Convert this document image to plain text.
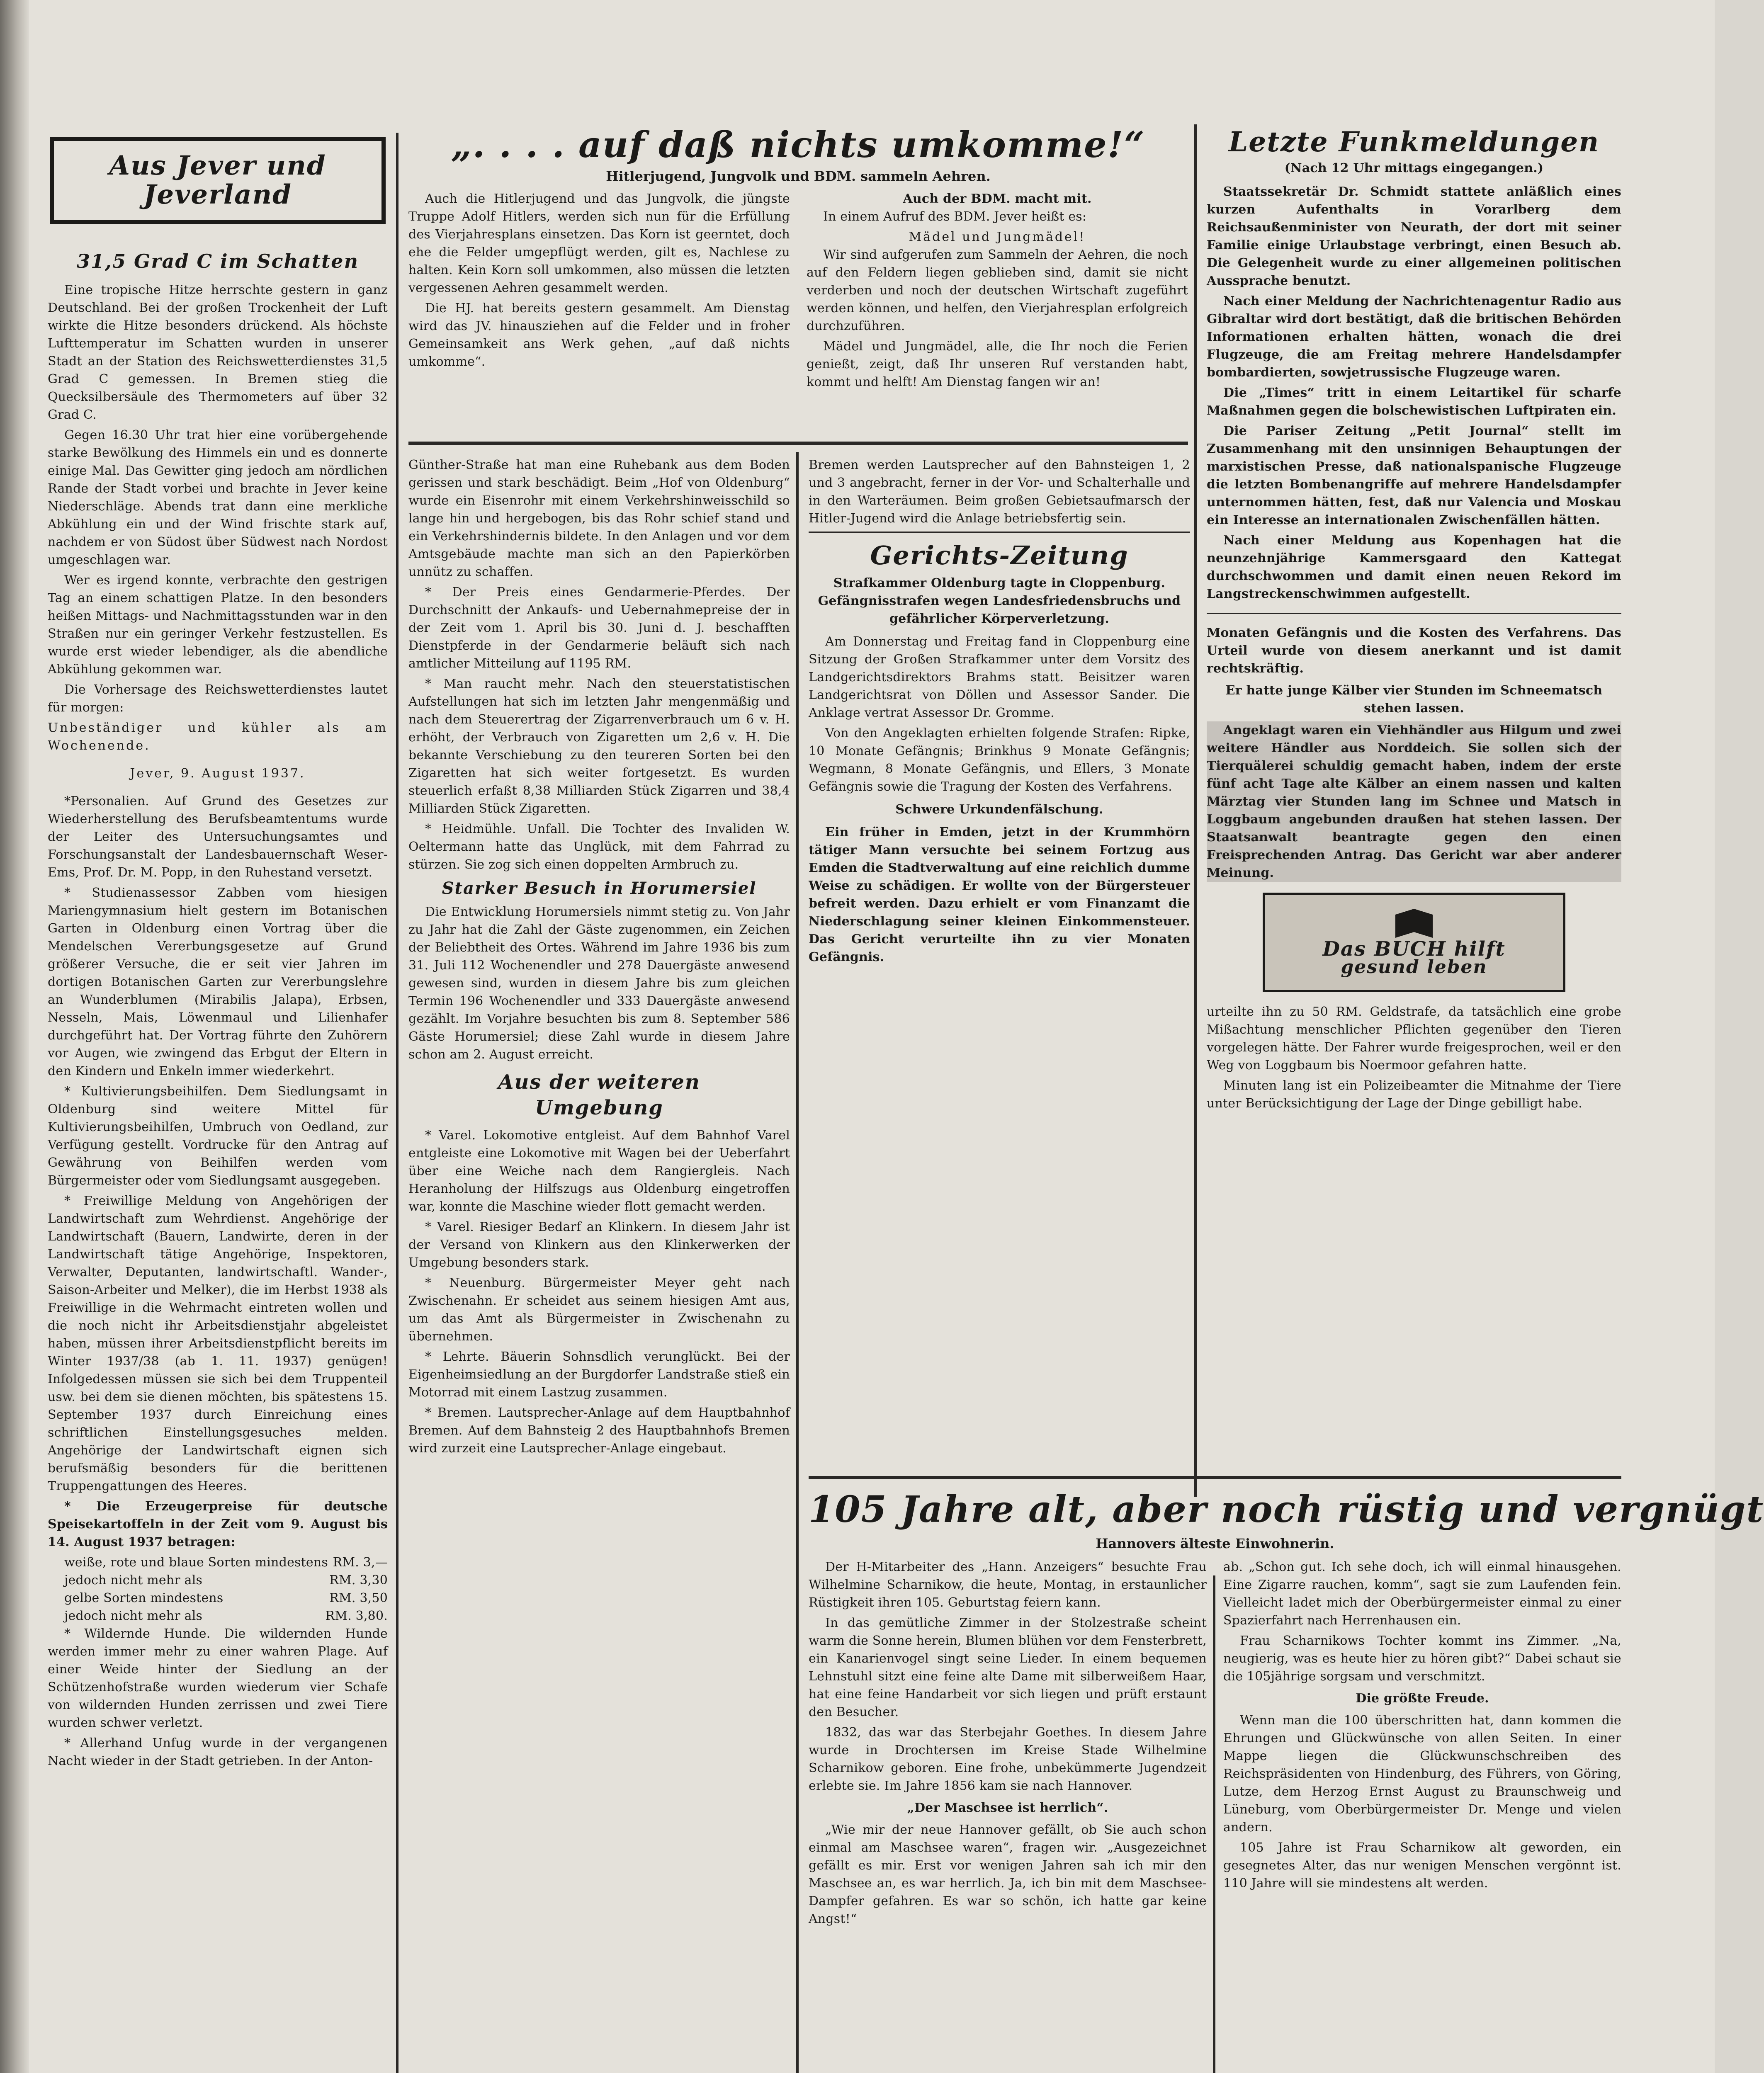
Aus Jever und Jeverland
31,5 Grad C im Schatten

Eine tropische Hitze herrschte gestern in ganz Deutschland. Bei der großen Trockenheit der Luft wirkte die Hitze besonders drückend. Als höchste Lufttemperatur im Schatten wurden in unserer Stadt an der Station des Reichswetterdienstes 31,5 Grad C gemessen. In Bremen stieg die Quecksilbersäule des Thermometers auf über 32 Grad C.

Gegen 16.30 Uhr trat hier eine vorübergehende starke Bewölkung des Himmels ein und es donnerte einige Mal. Das Gewitter ging jedoch am nördlichen Rande der Stadt vorbei und brachte in Jever keine Niederschläge. Abends trat dann eine merkliche Abkühlung ein und der Wind frischte stark auf, nachdem er von Südost über Südwest nach Nordost umgeschlagen war.

Wer es irgend konnte, verbrachte den gestrigen Tag an einem schattigen Platze. In den besonders heißen Mittags- und Nachmittagsstunden war in den Straßen nur ein geringer Verkehr festzustellen. Es wurde erst wieder lebendiger, als die abendliche Abkühlung gekommen war.

Die Vorhersage des Reichswetterdienstes lautet für morgen:

Unbeständiger und kühler als am Wochenende.

Jever, 9. August 1937.

*Personalien. Auf Grund des Gesetzes zur Wiederherstellung des Berufsbeamtentums wurde der Leiter des Untersuchungsamtes und Forschungsanstalt der Landesbauernschaft Weser-Ems, Prof. Dr. M. Popp, in den Ruhestand versetzt.

* Studienassessor Zabben vom hiesigen Mariengymnasium hielt gestern im Botanischen Garten in Oldenburg einen Vortrag über die Mendelschen Vererbungsgesetze auf Grund größerer Versuche, die er seit vier Jahren im dortigen Botanischen Garten zur Vererbungslehre an Wunderblumen (Mirabilis Jalapa), Erbsen, Nesseln, Mais, Löwenmaul und Lilienhafer durchgeführt hat. Der Vortrag führte den Zuhörern vor Augen, wie zwingend das Erbgut der Eltern in den Kindern und Enkeln immer wiederkehrt.

* Kultivierungsbeihilfen. Dem Siedlungsamt in Oldenburg sind weitere Mittel für Kultivierungsbeihilfen, Umbruch von Oedland, zur Verfügung gestellt. Vordrucke für den Antrag auf Gewährung von Beihilfen werden vom Bürgermeister oder vom Siedlungsamt ausgegeben.

* Freiwillige Meldung von Angehörigen der Landwirtschaft zum Wehrdienst. Angehörige der Landwirtschaft (Bauern, Landwirte, deren in der Landwirtschaft tätige Angehörige, Inspektoren, Verwalter, Deputanten, landwirtschaftl. Wander-, Saison-Arbeiter und Melker), die im Herbst 1938 als Freiwillige in die Wehrmacht eintreten wollen und die noch nicht ihr Arbeitsdienstjahr abgeleistet haben, müssen ihrer Arbeitsdienstpflicht bereits im Winter 1937/38 (ab 1. 11. 1937) genügen! Infolgedessen müssen sie sich bei dem Truppenteil usw. bei dem sie dienen möchten, bis spätestens 15. September 1937 durch Einreichung eines schriftlichen Einstellungsgesuches melden. Angehörige der Landwirtschaft eignen sich berufsmäßig besonders für die berittenen Truppengattungen des Heeres.

* Die Erzeugerpreise für deutsche Speisekartoffeln in der Zeit vom 9. August bis 14. August 1937 betragen:

weiße, rote und blaue Sorten mindestens RM. 3,—
jedoch nicht mehr als	RM. 3,30
gelbe Sorten mindestens	RM. 3,50
jedoch nicht mehr als	RM. 3,80.

* Wildernde Hunde. Die wildernden Hunde werden immer mehr zu einer wahren Plage. Auf einer Weide hinter der Siedlung an der Schützenhofstraße wurden wiederum vier Schafe von wildernden Hunden zerrissen und zwei Tiere wurden schwer verletzt.

* Allerhand Unfug wurde in der vergangenen Nacht wieder in der Stadt getrieben. In der Anton-

„. . . . auf daß nichts umkomme!“
Hitlerjugend, Jungvolk und BDM. sammeln Aehren.

Auch die Hitlerjugend und das Jungvolk, die jüngste Truppe Adolf Hitlers, werden sich nun für die Erfüllung des Vierjahresplans einsetzen. Das Korn ist geerntet, doch ehe die Felder umgepflügt werden, gilt es, Nachlese zu halten. Kein Korn soll umkommen, also müssen die letzten vergessenen Aehren gesammelt werden.

Die HJ. hat bereits gestern gesammelt. Am Dienstag wird das JV. hinausziehen auf die Felder und in froher Gemeinsamkeit ans Werk gehen, „auf daß nichts umkomme“.

Auch der BDM. macht mit.

In einem Aufruf des BDM. Jever heißt es:

Mädel und Jungmädel!

Wir sind aufgerufen zum Sammeln der Aehren, die noch auf den Feldern liegen geblieben sind, damit sie nicht verderben und noch der deutschen Wirtschaft zugeführt werden können, und helfen, den Vierjahresplan erfolgreich durchzuführen.

Mädel und Jungmädel, alle, die Ihr noch die Ferien genießt, zeigt, daß Ihr unseren Ruf verstanden habt, kommt und helft! Am Dienstag fangen wir an!

Günther-Straße hat man eine Ruhebank aus dem Boden gerissen und stark beschädigt. Beim „Hof von Oldenburg“ wurde ein Eisenrohr mit einem Verkehrshinweisschild so lange hin und hergebogen, bis das Rohr schief stand und ein Verkehrshindernis bildete. In den Anlagen und vor dem Amtsgebäude machte man sich an den Papierkörben unnütz zu schaffen.

* Der Preis eines Gendarmerie-Pferdes. Der Durchschnitt der Ankaufs- und Uebernahmepreise der in der Zeit vom 1. April bis 30. Juni d. J. beschafften Dienstpferde in der Gendarmerie beläuft sich nach amtlicher Mitteilung auf 1195 RM.

* Man raucht mehr. Nach den steuerstatistischen Aufstellungen hat sich im letzten Jahr mengenmäßig und nach dem Steuerertrag der Zigarrenverbrauch um 6 v. H. erhöht, der Verbrauch von Zigaretten um 2,6 v. H. Die bekannte Verschiebung zu den teureren Sorten bei den Zigaretten hat sich weiter fortgesetzt. Es wurden steuerlich erfaßt 8,38 Milliarden Stück Zigarren und 38,4 Milliarden Stück Zigaretten.

* Heidmühle. Unfall. Die Tochter des Invaliden W. Oeltermann hatte das Unglück, mit dem Fahrrad zu stürzen. Sie zog sich einen doppelten Armbruch zu.

Starker Besuch in Horumersiel

Die Entwicklung Horumersiels nimmt stetig zu. Von Jahr zu Jahr hat die Zahl der Gäste zugenommen, ein Zeichen der Beliebtheit des Ortes. Während im Jahre 1936 bis zum 31. Juli 112 Wochenendler und 278 Dauergäste anwesend gewesen sind, wurden in diesem Jahre bis zum gleichen Termin 196 Wochenendler und 333 Dauergäste anwesend gezählt. Im Vorjahre besuchten bis zum 8. September 586 Gäste Horumersiel; diese Zahl wurde in diesem Jahre schon am 2. August erreicht.

Aus der weiteren Umgebung

* Varel. Lokomotive entgleist. Auf dem Bahnhof Varel entgleiste eine Lokomotive mit Wagen bei der Ueberfahrt über eine Weiche nach dem Rangiergleis. Nach Heranholung der Hilfszugs aus Oldenburg eingetroffen war, konnte die Maschine wieder flott gemacht werden.

* Varel. Riesiger Bedarf an Klinkern. In diesem Jahr ist der Versand von Klinkern aus den Klinkerwerken der Umgebung besonders stark.

* Neuenburg. Bürgermeister Meyer geht nach Zwischenahn. Er scheidet aus seinem hiesigen Amt aus, um das Amt als Bürgermeister in Zwischenahn zu übernehmen.

* Lehrte. Bäuerin Sohnsdlich verunglückt. Bei der Eigenheimsiedlung an der Burgdorfer Landstraße stieß ein Motorrad mit einem Lastzug zusammen.

* Bremen. Lautsprecher-Anlage auf dem Hauptbahnhof Bremen. Auf dem Bahnsteig 2 des Hauptbahnhofs Bremen wird zurzeit eine Lautsprecher-Anlage eingebaut.

Bremen werden Lautsprecher auf den Bahnsteigen 1, 2 und 3 angebracht, ferner in der Vor- und Schalterhalle und in den Warteräumen. Beim großen Gebietsaufmarsch der Hitler-Jugend wird die Anlage betriebsfertig sein.

Gerichts-Zeitung
Strafkammer Oldenburg tagte in Cloppenburg.
Gefängnisstrafen wegen Landesfriedensbruchs und gefährlicher Körperverletzung.

Am Donnerstag und Freitag fand in Cloppenburg eine Sitzung der Großen Strafkammer unter dem Vorsitz des Landgerichtsdirektors Brahms statt. Beisitzer waren Landgerichtsrat von Döllen und Assessor Sander. Die Anklage vertrat Assessor Dr. Gromme.

Von den Angeklagten erhielten folgende Strafen: Ripke, 10 Monate Gefängnis; Brinkhus 9 Monate Gefängnis; Wegmann, 8 Monate Gefängnis, und Ellers, 3 Monate Gefängnis sowie die Tragung der Kosten des Verfahrens.

Schwere Urkundenfälschung.

Ein früher in Emden, jetzt in der Krummhörn tätiger Mann versuchte bei seinem Fortzug aus Emden die Stadtverwaltung auf eine reichlich dumme Weise zu schädigen. Er wollte von der Bürgersteuer befreit werden. Dazu erhielt er vom Finanzamt die Niederschlagung seiner kleinen Einkommensteuer. Das Gericht verurteilte ihn zu vier Monaten Gefängnis.

Letzte Funkmeldungen
(Nach 12 Uhr mittags eingegangen.)

Staatssekretär Dr. Schmidt stattete anläßlich eines kurzen Aufenthalts in Vorarlberg dem Reichsaußenminister von Neurath, der dort mit seiner Familie einige Urlaubstage verbringt, einen Besuch ab. Die Gelegenheit wurde zu einer allgemeinen politischen Aussprache benutzt.

Nach einer Meldung der Nachrichtenagentur Radio aus Gibraltar wird dort bestätigt, daß die britischen Behörden Informationen erhalten hätten, wonach die drei Flugzeuge, die am Freitag mehrere Handelsdampfer bombardierten, sowjetrussische Flugzeuge waren.

Die „Times“ tritt in einem Leitartikel für scharfe Maßnahmen gegen die bolschewistischen Luftpiraten ein.

Die Pariser Zeitung „Petit Journal“ stellt im Zusammenhang mit den unsinnigen Behauptungen der marxistischen Presse, daß nationalspanische Flugzeuge die letzten Bombenangriffe auf mehrere Handelsdampfer unternommen hätten, fest, daß nur Valencia und Moskau ein Interesse an internationalen Zwischenfällen hätten.

Nach einer Meldung aus Kopenhagen hat die neunzehnjährige Kammersgaard den Kattegat durchschwommen und damit einen neuen Rekord im Langstreckenschwimmen aufgestellt.

Monaten Gefängnis und die Kosten des Verfahrens. Das Urteil wurde von diesem anerkannt und ist damit rechtskräftig.

Er hatte junge Kälber vier Stunden im Schneematsch stehen lassen.

Angeklagt waren ein Viehhändler aus Hilgum und zwei weitere Händler aus Norddeich. Sie sollen sich der Tierquälerei schuldig gemacht haben, indem der erste fünf acht Tage alte Kälber an einem nassen und kalten Märztag vier Stunden lang im Schnee und Matsch in Loggbaum angebunden draußen hat stehen lassen. Der Staatsanwalt beantragte gegen den einen Freisprechenden Antrag. Das Gericht war aber anderer Meinung.

Das BUCH hilft
gesund leben

urteilte ihn zu 50 RM. Geldstrafe, da tatsächlich eine grobe Mißachtung menschlicher Pflichten gegenüber den Tieren vorgelegen hätte. Der Fahrer wurde freigesprochen, weil er den Weg von Loggbaum bis Noermoor gefahren hatte.

Minuten lang ist ein Polizeibeamter die Mitnahme der Tiere unter Berücksichtigung der Lage der Dinge gebilligt habe.

105 Jahre alt, aber noch rüstig und vergnügt
Hannovers älteste Einwohnerin.

Der H-Mitarbeiter des „Hann. Anzeigers“ besuchte Frau Wilhelmine Scharnikow, die heute, Montag, in erstaunlicher Rüstigkeit ihren 105. Geburtstag feiern kann.

In das gemütliche Zimmer in der Stolzestraße scheint warm die Sonne herein, Blumen blühen vor dem Fensterbrett, ein Kanarienvogel singt seine Lieder. In einem bequemen Lehnstuhl sitzt eine feine alte Dame mit silberweißem Haar, hat eine feine Handarbeit vor sich liegen und prüft erstaunt den Besucher.

1832, das war das Sterbejahr Goethes. In diesem Jahre wurde in Drochtersen im Kreise Stade Wilhelmine Scharnikow geboren. Eine frohe, unbekümmerte Jugendzeit erlebte sie. Im Jahre 1856 kam sie nach Hannover.

„Der Maschsee ist herrlich“.

„Wie mir der neue Hannover gefällt, ob Sie auch schon einmal am Maschsee waren“, fragen wir. „Ausgezeichnet gefällt es mir. Erst vor wenigen Jahren sah ich mir den Maschsee an, es war herrlich. Ja, ich bin mit dem Maschsee-Dampfer gefahren. Es war so schön, ich hatte gar keine Angst!“

ab. „Schon gut. Ich sehe doch, ich will einmal hinausgehen. Eine Zigarre rauchen, komm“, sagt sie zum Laufenden fein. Vielleicht ladet mich der Oberbürgermeister einmal zu einer Spazierfahrt nach Herrenhausen ein.

Frau Scharnikows Tochter kommt ins Zimmer. „Na, neugierig, was es heute hier zu hören gibt?“ Dabei schaut sie die 105jährige sorgsam und verschmitzt.

Die größte Freude.

Wenn man die 100 überschritten hat, dann kommen die Ehrungen und Glückwünsche von allen Seiten. In einer Mappe liegen die Glückwunschschreiben des Reichspräsidenten von Hindenburg, des Führers, von Göring, Lutze, dem Herzog Ernst August zu Braunschweig und Lüneburg, vom Oberbürgermeister Dr. Menge und vielen andern.

105 Jahre ist Frau Scharnikow alt geworden, ein gesegnetes Alter, das nur wenigen Menschen vergönnt ist. 110 Jahre will sie mindestens alt werden.
